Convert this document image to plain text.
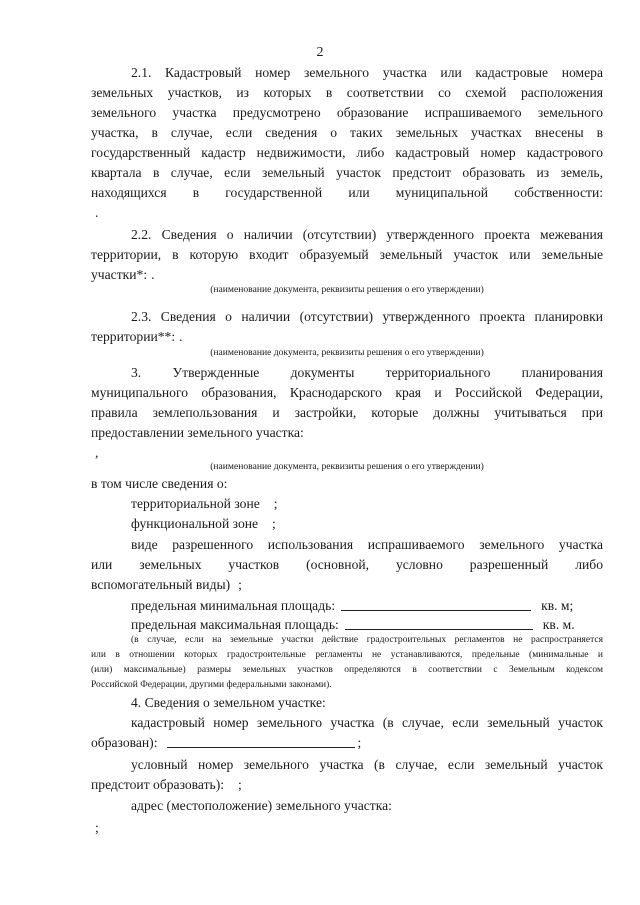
2
2.1. Кадастровый номер земельного участка или кадастровые номера
земельных участков, из которых в соответствии со схемой расположения
земельного участка предусмотрено образование испрашиваемого земельного
участка, в случае, если сведения о таких земельных участках внесены в
государственный кадастр недвижимости, либо кадастровый номер кадастрового
квартала в случае, если земельный участок предстоит образовать из земель,
находящихся в государственной или муниципальной собственности:
.
2.2. Сведения о наличии (отсутствии) утвержденного проекта межевания
территории, в которую входит образуемый земельный участок или земельные
участки*: .
(наименование документа, реквизиты решения о его утверждении)
2.3. Сведения о наличии (отсутствии) утвержденного проекта планировки
территории**: .
(наименование документа, реквизиты решения о его утверждении)
3. Утвержденные документы территориального планирования
муниципального образования, Краснодарского края и Российской Федерации,
правила землепользования и застройки, которые должны учитываться при
предоставлении земельного участка:
,
(наименование документа, реквизиты решения о его утверждении)
в том числе сведения о:
территориальной зоне ;
функциональной зоне ;
виде разрешенного использования испрашиваемого земельного участка
или земельных участков (основной, условно разрешенный либо
вспомогательный виды) ;
предельная минимальная площадь:	кв. м;
предельная максимальная площадь:	кв. м.
(в случае, если на земельные участки действие градостроительных регламентов не распространяется
или в отношении которых градостроительные регламенты не устанавливаются, предельные (минимальные и
(или) максимальные) размеры земельных участков определяются в соответствии с Земельным кодексом
Российской Федерации, другими федеральными законами).
4. Сведения о земельном участке:
кадастровый номер земельного участка (в случае, если земельный участок
образован):	;
условный номер земельного участка (в случае, если земельный участок
предстоит образовать): ;
адрес (местоположение) земельного участка:
;
